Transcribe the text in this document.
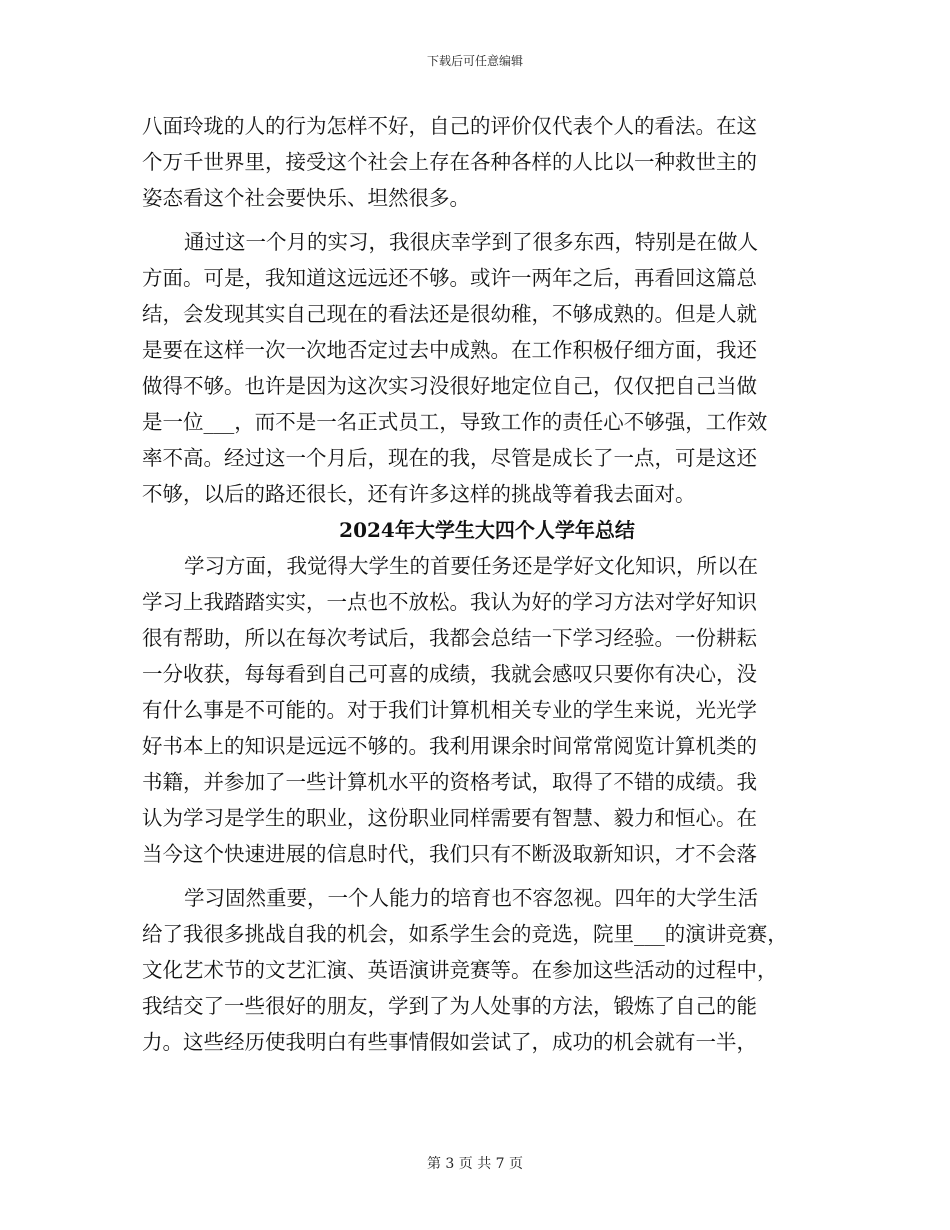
下载后可任意编辑
八面玲珑的人的行为怎样不好，自己的评价仅代表个人的看法。在这
个万千世界里，接受这个社会上存在各种各样的人比以一种救世主的
姿态看这个社会要快乐、坦然很多。
通过这一个月的实习，我很庆幸学到了很多东西，特别是在做人
方面。可是，我知道这远远还不够。或许一两年之后，再看回这篇总
结，会发现其实自己现在的看法还是很幼稚，不够成熟的。但是人就
是要在这样一次一次地否定过去中成熟。在工作积极仔细方面，我还
做得不够。也许是因为这次实习没很好地定位自己，仅仅把自己当做
是一位___，而不是一名正式员工，导致工作的责任心不够强，工作效
率不高。经过这一个月后，现在的我，尽管是成长了一点，可是这还
不够，以后的路还很长，还有许多这样的挑战等着我去面对。
2024年大学生大四个人学年总结
学习方面，我觉得大学生的首要任务还是学好文化知识，所以在
学习上我踏踏实实，一点也不放松。我认为好的学习方法对学好知识
很有帮助，所以在每次考试后，我都会总结一下学习经验。一份耕耘
一分收获，每每看到自己可喜的成绩，我就会感叹只要你有决心，没
有什么事是不可能的。对于我们计算机相关专业的学生来说，光光学
好书本上的知识是远远不够的。我利用课余时间常常阅览计算机类的
书籍，并参加了一些计算机水平的资格考试，取得了不错的成绩。我
认为学习是学生的职业，这份职业同样需要有智慧、毅力和恒心。在
当今这个快速进展的信息时代，我们只有不断汲取新知识，才不会落
学习固然重要，一个人能力的培育也不容忽视。四年的大学生活
给了我很多挑战自我的机会，如系学生会的竞选，院里___的演讲竞赛，
文化艺术节的文艺汇演、英语演讲竞赛等。在参加这些活动的过程中，
我结交了一些很好的朋友，学到了为人处事的方法，锻炼了自己的能
力。这些经历使我明白有些事情假如尝试了，成功的机会就有一半，
第 3 页 共 7 页
